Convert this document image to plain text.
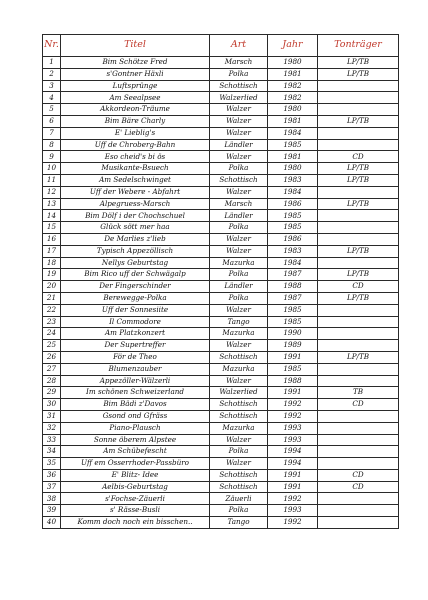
Nr.	Titel	Art	Jahr	Tonträger
1	Bim Schötze Fred	Marsch	1980	LP/TB
2	s'Gontner Häxli	Polka	1981	LP/TB
3	Luftsprünge	Schottisch	1982	
4	Am Seealpsee	Walzerlied	1982	
5	Akkordeon-Träume	Walzer	1980	
6	Bim Bäre Charly	Walzer	1981	LP/TB
7	E' Lieblig's	Walzer	1984	
8	Uff de Chroberg-Bahn	Ländler	1985	
9	Eso cheid's bi ös	Walzer	1981	CD
10	Musikante-Bsuech	Polka	1980	LP/TB
11	Am Sedelschwinget	Schottisch	1983	LP/TB
12	Uff der Webere - Abfahrt	Walzer	1984	
13	Alpegruess-Marsch	Marsch	1986	LP/TB
14	Bim Dölf i der Chochschuel	Ländler	1985	
15	Glück sött mer haa	Polka	1985	
16	De Marlies z'lieb	Walzer	1986	
17	Typisch Appezöllisch	Walzer	1983	LP/TB
18	Nellys Geburtstag	Mazurka	1984	
19	Bim Rico uff der Schwägalp	Polka	1987	LP/TB
20	Der Fingerschinder	Ländler	1988	CD
21	Berewegge-Polka	Polka	1987	LP/TB
22	Uff der Sonnesiite	Walzer	1985	
23	Il Commodore	Tango	1985	
24	Am Platzkonzert	Mazurka	1990	
25	Der Supertreffer	Walzer	1989	
26	För de Theo	Schottisch	1991	LP/TB
27	Blumenzauber	Mazurka	1985	
28	Appezöller-Wälzerli	Walzer	1988	
29	Im schönen Schweizerland	Walzerlied	1991	TB
30	Bim Bädi z'Davos	Schottisch	1992	CD
31	Gsond ond Gfräss	Schottisch	1992	
32	Piano-Plausch	Mazurka	1993	
33	Sonne öberem Alpstee	Walzer	1993	
34	Am Schübefescht	Polka	1994	
35	Uff em Osserrhoder-Passbüro	Walzer	1994	
36	E' Blitz- Idee	Schottisch	1991	CD
37	Aelbis-Geburtstag	Schottisch	1991	CD
38	s'Fochse-Zäuerli	Zäuerli	1992	
39	s' Rässe-Busli	Polka	1993	
40	Komm doch noch ein bisschen..	Tango	1992	
